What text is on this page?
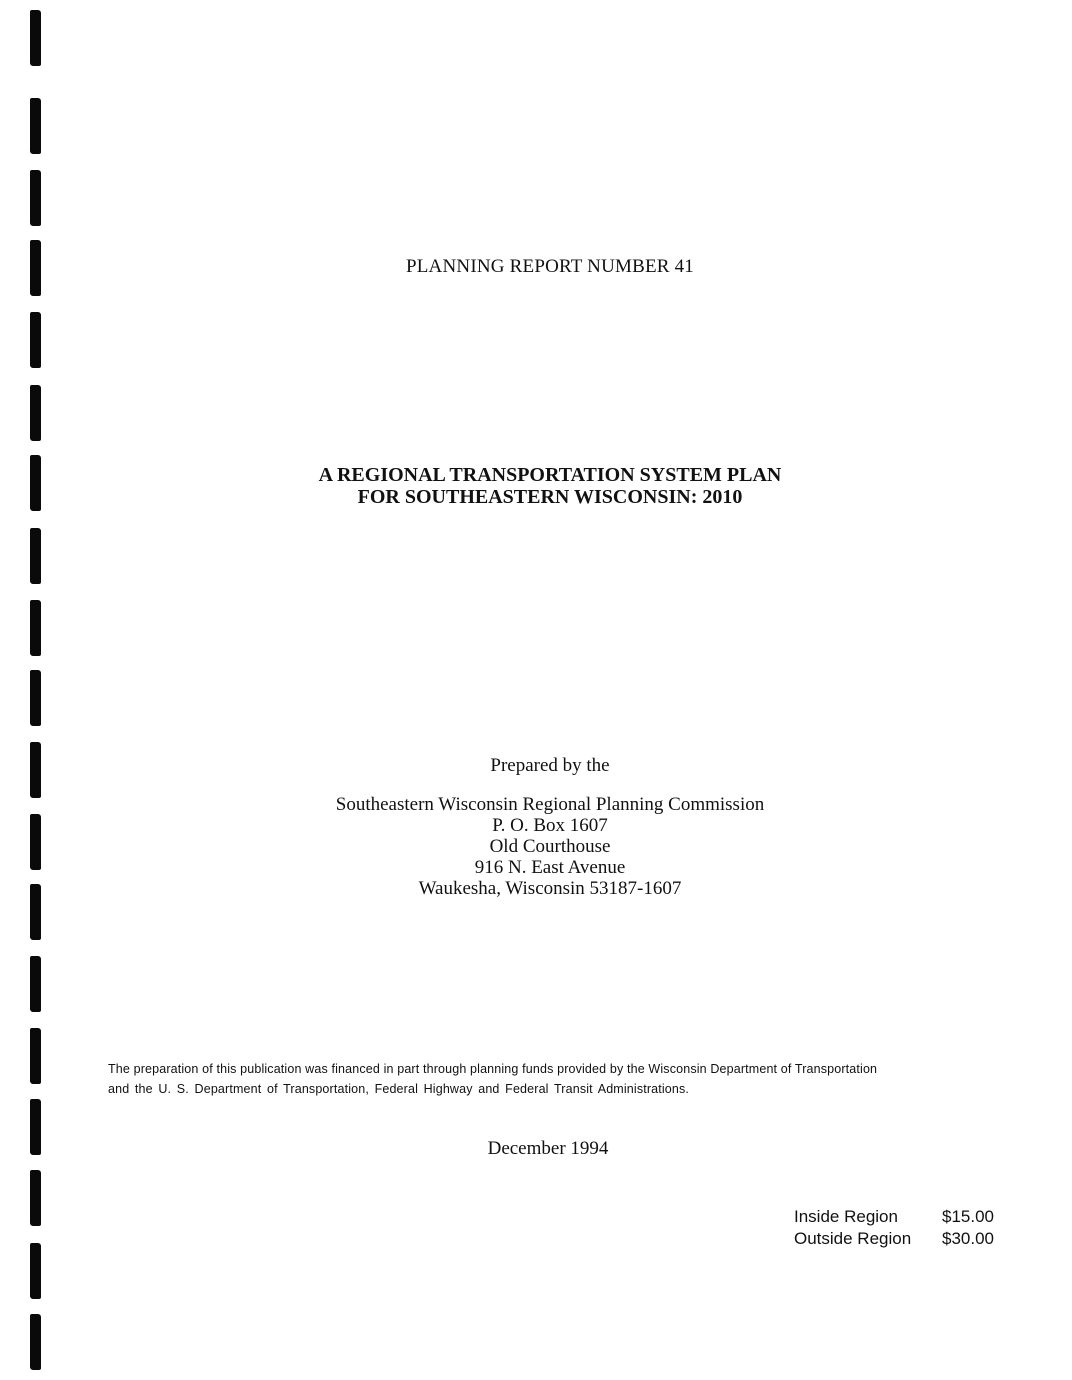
PLANNING REPORT NUMBER 41
A REGIONAL TRANSPORTATION SYSTEM PLAN
FOR SOUTHEASTERN WISCONSIN: 2010
Prepared by the
Southeastern Wisconsin Regional Planning Commission
P. O. Box 1607
Old Courthouse
916 N. East Avenue
Waukesha, Wisconsin 53187-1607
The preparation of this publication was financed in part through planning funds provided by the Wisconsin Department of Transportation
and the U. S. Department of Transportation, Federal Highway and Federal Transit Administrations.
December 1994
Inside Region	$15.00
Outside Region	$30.00
